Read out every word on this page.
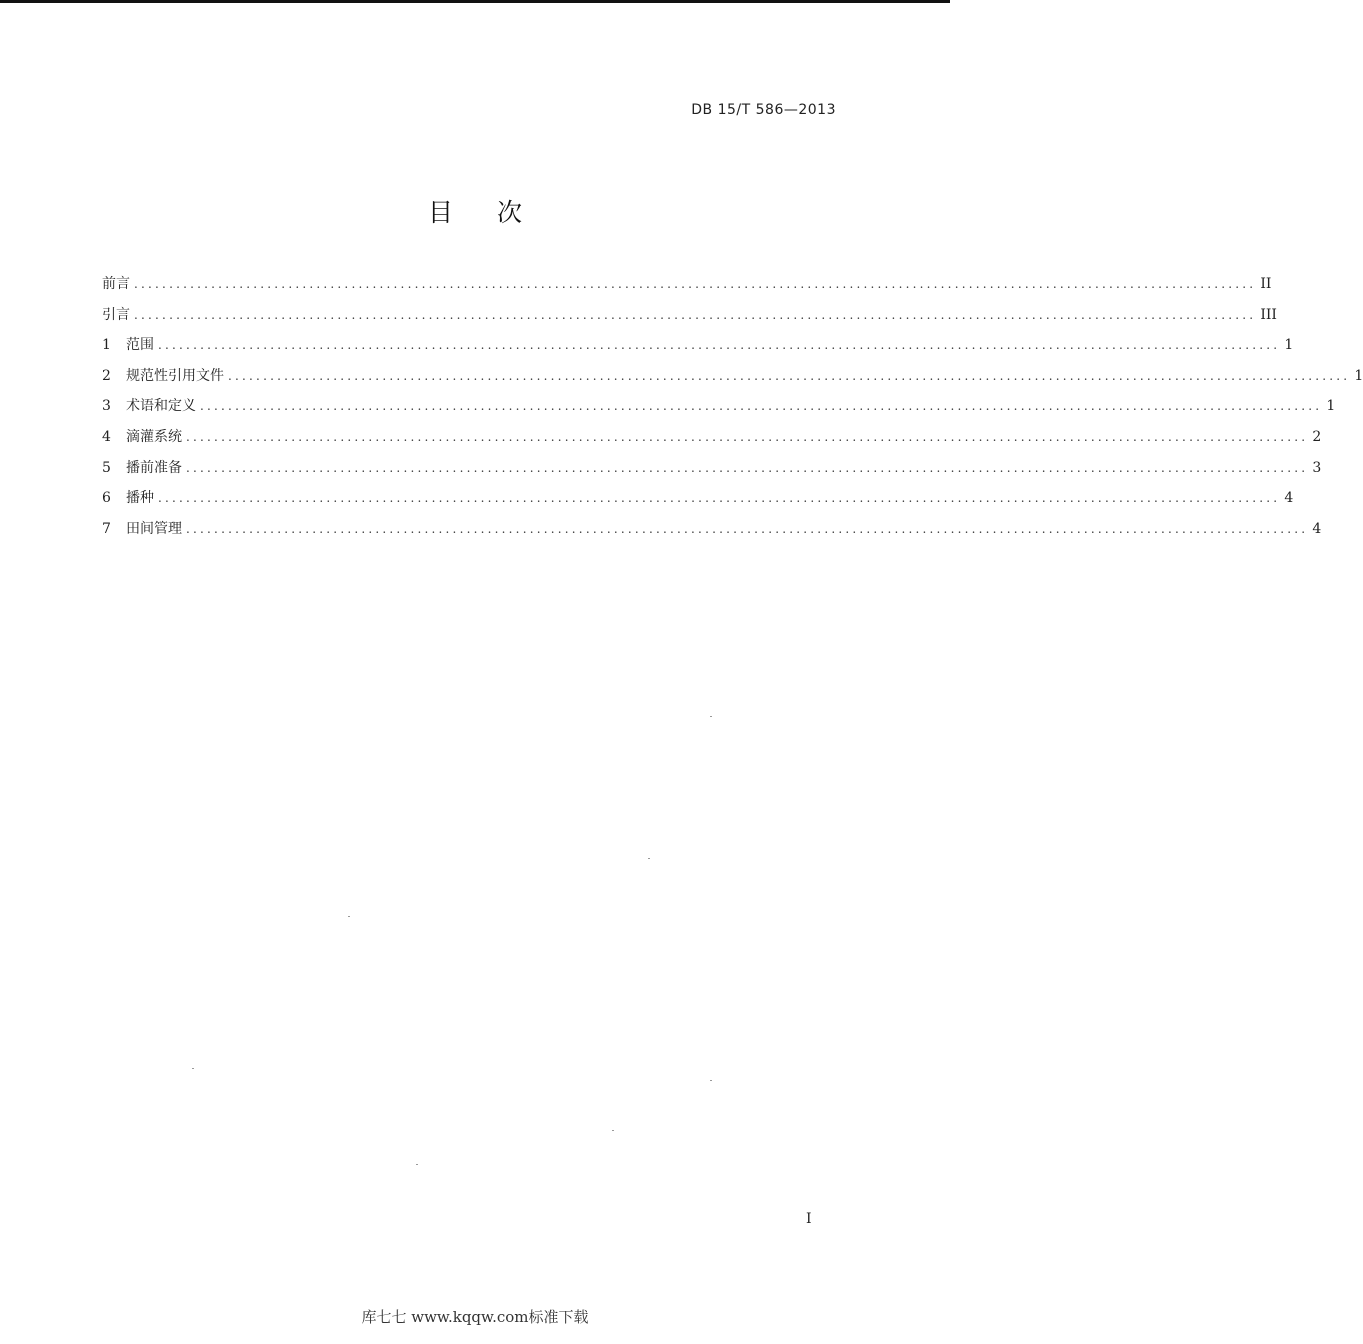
DB 15/T 586—2013
目次
前言 ................................................................................................................................................................ II
引言 ................................................................................................................................................................ III
1	范围 ................................................................................................................................................................ 1
2	规范性引用文件 ................................................................................................................................................................ 1
3	术语和定义 ................................................................................................................................................................ 1
4	滴灌系统 ................................................................................................................................................................ 2
5	播前准备 ................................................................................................................................................................ 3
6	播种 ................................................................................................................................................................ 4
7	田间管理 ................................................................................................................................................................ 4
I
库七七 www.kqqw.com标准下载
